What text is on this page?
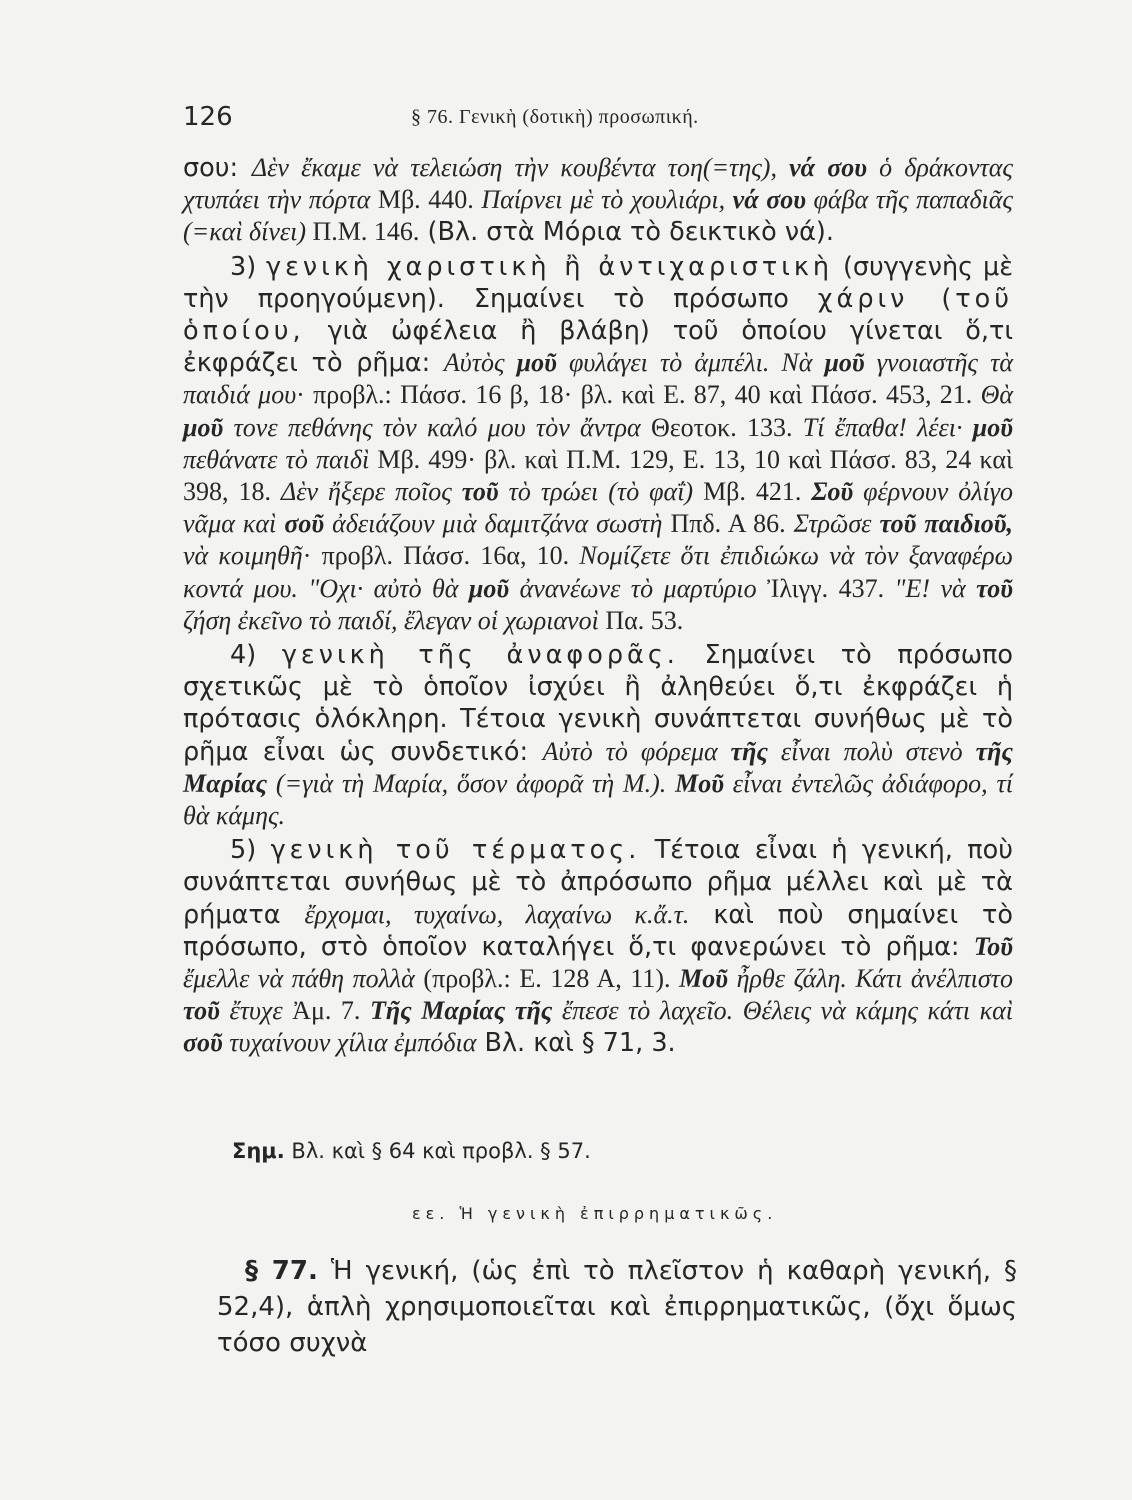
126	§ 76. Γενικὴ (δοτικὴ) προσωπική.

σου: Δὲν ἔκαμε νὰ τελειώση τὴν κουβέντα τοη(=της), νά σου ὁ δράκοντας χτυπάει τὴν πόρτα Μβ. 440. Παίρνει μὲ τὸ χουλιάρι, νά σου φάβα τῆς παπαδιᾶς (=καὶ δίνει) Π.Μ. 146. (Βλ. στὰ Μόρια τὸ δεικτικὸ νά).

3) γενικὴ χαριστικὴ ἢ ἀντιχαριστικὴ (συγγενὴς μὲ τὴν προηγούμενη). Σημαίνει τὸ πρόσωπο χάριν (τοῦ ὁποίου, γιὰ ὠφέλεια ἢ βλάβη) τοῦ ὁποίου γίνεται ὅ,τι ἐκφράζει τὸ ρῆμα: Αὐτὸς μοῦ φυλάγει τὸ ἀμπέλι. Νὰ μοῦ γνοιαστῆς τὰ παιδιά μου· προβλ.: Πάσσ. 16 β, 18· βλ. καὶ Ε. 87, 40 καὶ Πάσσ. 453, 21. Θὰ μοῦ τονε πεθάνης τὸν καλό μου τὸν ἄντρα Θεοτοκ. 133. Τί ἔπαθα! λέει· μοῦ πεθάνατε τὸ παιδὶ Μβ. 499· βλ. καὶ Π.Μ. 129, Ε. 13, 10 καὶ Πάσσ. 83, 24 καὶ 398, 18. Δὲν ἤξερε ποῖος τοῦ τὸ τρώει (τὸ φαΐ) Μβ. 421. Σοῦ φέρνουν ὀλίγο νᾶμα καὶ σοῦ ἀδειάζουν μιὰ δαμιτζάνα σωστὴ Ππδ. Α 86. Στρῶσε τοῦ παιδιοῦ, νὰ κοιμηθῆ· προβλ. Πάσσ. 16α, 10. Νομίζετε ὅτι ἐπιδιώκω νὰ τὸν ξαναφέρω κοντά μου. "Οχι· αὐτὸ θὰ μοῦ ἀνανέωνε τὸ μαρτύριο Ἰλιγγ. 437. "Ε! νὰ τοῦ ζήση ἐκεῖνο τὸ παιδί, ἔλεγαν οἱ χωριανοὶ Πα. 53.

4) γενικὴ τῆς ἀναφορᾶς. Σημαίνει τὸ πρόσωπο σχετικῶς μὲ τὸ ὁποῖον ἰσχύει ἢ ἀληθεύει ὅ,τι ἐκφράζει ἡ πρότασις ὁλόκληρη. Τέτοια γενικὴ συνάπτεται συνήθως μὲ τὸ ρῆμα εἶναι ὡς συνδετικό: Αὐτὸ τὸ φόρεμα τῆς εἶναι πολὺ στενὸ τῆς Μαρίας (=γιὰ τὴ Μαρία, ὅσον ἀφορᾶ τὴ Μ.). Μοῦ εἶναι ἐντελῶς ἀδιάφορο, τί θὰ κάμης.

5) γενικὴ τοῦ τέρματος. Τέτοια εἶναι ἡ γενική, ποὺ συνάπτεται συνήθως μὲ τὸ ἀπρόσωπο ρῆμα μέλλει καὶ μὲ τὰ ρήματα ἔρχομαι, τυχαίνω, λαχαίνω κ.ἄ.τ. καὶ ποὺ σημαίνει τὸ πρόσωπο, στὸ ὁποῖον καταλήγει ὅ,τι φανερώνει τὸ ρῆμα: Τοῦ ἔμελλε νὰ πάθη πολλὰ (προβλ.: Ε. 128 Α, 11). Μοῦ ἦρθε ζάλη. Κάτι ἀνέλπιστο τοῦ ἔτυχε Ἀμ. 7. Τῆς Μαρίας τῆς ἔπεσε τὸ λαχεῖο. Θέλεις νὰ κάμης κάτι καὶ σοῦ τυχαίνουν χίλια ἐμπόδια Βλ. καὶ § 71, 3.

Σημ. Βλ. καὶ § 64 καὶ προβλ. § 57.
εε. Ἡ γενικὴ ἐπιρρηματικῶς.

§ 77. Ἡ γενική, (ὡς ἐπὶ τὸ πλεῖστον ἡ καθαρὴ γενική, § 52,4), ἁπλὴ χρησιμοποιεῖται καὶ ἐπιρρηματικῶς, (ὄχι ὅμως τόσο συχνὰ
